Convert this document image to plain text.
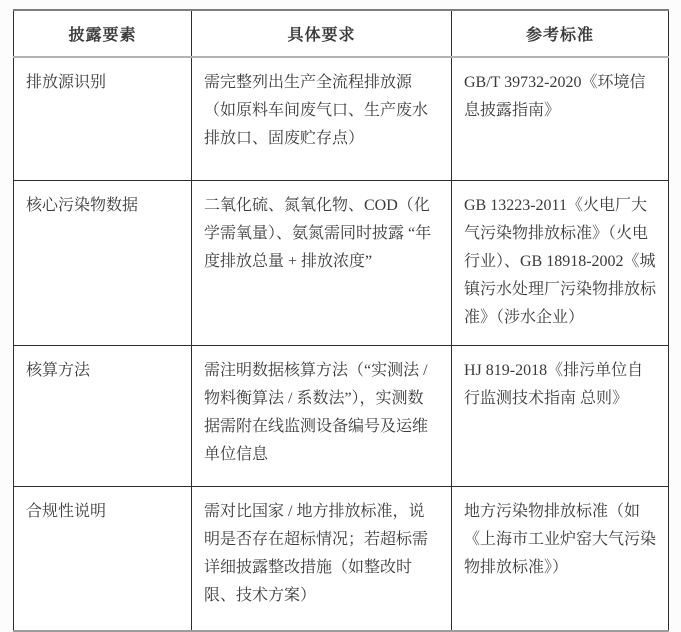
披露要素	具体要求	参考标准
排放源识别	需完整列出生产全流程排放源（如原料车间废气口、生产废水排放口、固废贮存点）	GB/T 39732-2020《环境信息披露指南》
核心污染物数据	二氧化硫、氮氧化物、COD（化学需氧量）、氨氮需同时披露 “年度排放总量 + 排放浓度”	GB 13223-2011《火电厂大气污染物排放标准》（火电行业）、GB 18918-2002《城镇污水处理厂污染物排放标准》（涉水企业）
核算方法	需注明数据核算方法（“实测法 / 物料衡算法 / 系数法”），实测数据需附在线监测设备编号及运维单位信息	HJ 819-2018《排污单位自行监测技术指南 总则》
合规性说明	需对比国家 / 地方排放标准，说明是否存在超标情况；若超标需详细披露整改措施（如整改时限、技术方案）	地方污染物排放标准（如《上海市工业炉窑大气污染物排放标准》）
